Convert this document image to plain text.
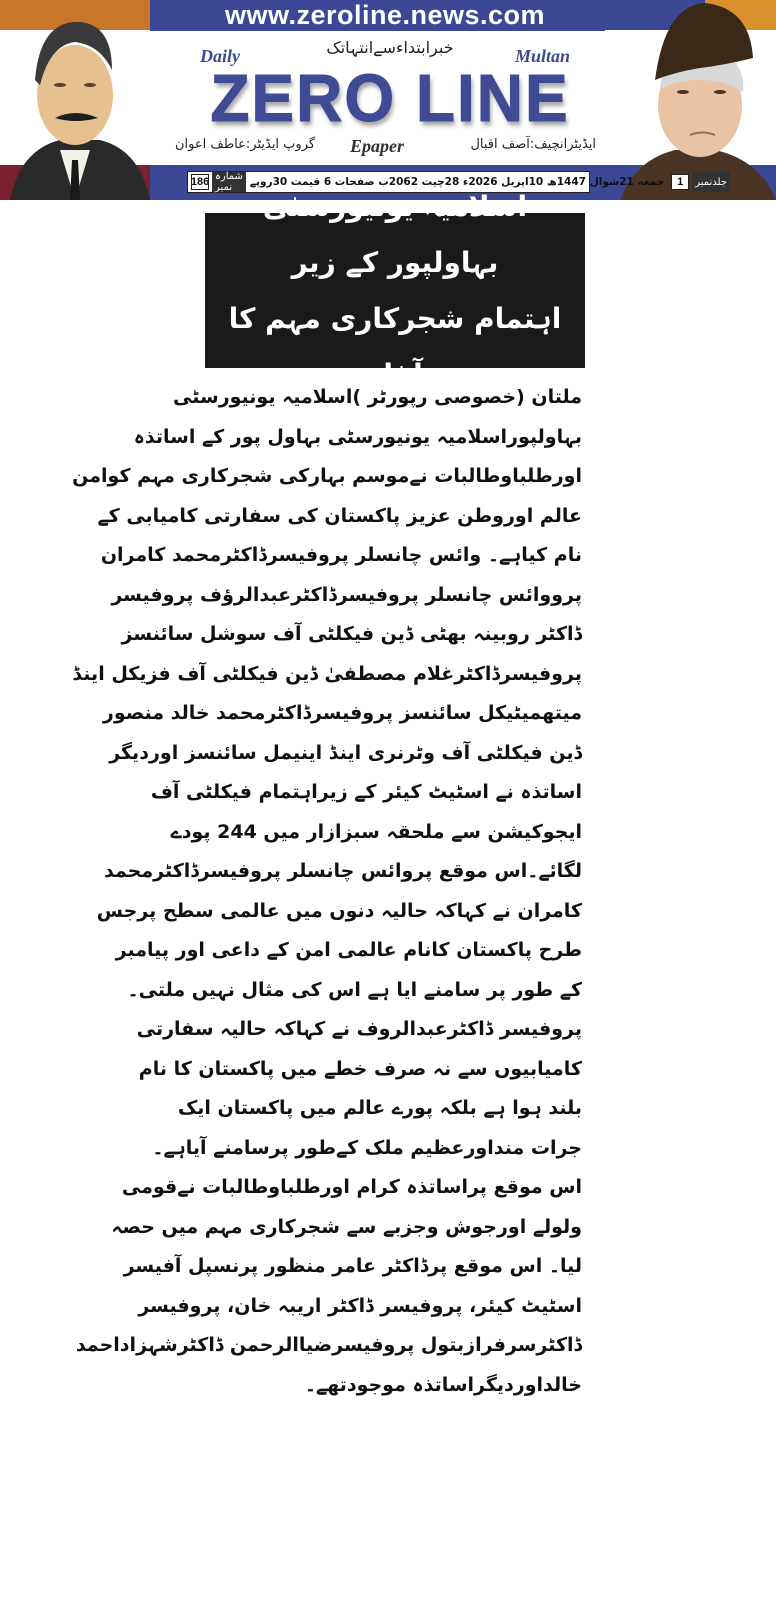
www.zeroline.news.com
خبرابتداءسےانتہاتک
Daily	Multan
ZERO LINE
ایڈیٹرانچیف:آصف اقبال
Epaper
گروپ ایڈیٹر:عاطف اعوان
186 شمارہ نمبر	جمعہ 21شوال 1447ھ 10اپریل 2026ء 28چیت 2062ب صفحات 6 قیمت 30روپے	1	جلدنمبر
اسلامیہ یونیورسٹی بہاولپور کے زیر
اہتمام شجرکاری مہم کا آغاز
ملتان (خصوصی رپورٹر )اسلامیہ یونیورسٹی
بہاولپوراسلامیہ یونیورسٹی بہاول پور کے اساتذہ
اورطلباوطالبات نےموسم بہارکی شجرکاری مہم کوامن
عالم اوروطن عزیز پاکستان کی سفارتی کامیابی کے
نام کیاہے۔ وائس چانسلر پروفیسرڈاکٹرمحمد کامران
پرووائس چانسلر پروفیسرڈاکٹرعبدالرؤف پروفیسر
ڈاکٹر روبینہ بھٹی ڈین فیکلٹی آف سوشل سائنسز
پروفیسرڈاکٹرغلام مصطفیٰ ڈین فیکلٹی آف فزیکل اینڈ
میتھمیٹیکل سائنسز پروفیسرڈاکٹرمحمد خالد منصور
ڈین فیکلٹی آف وٹرنری اینڈ اینیمل سائنسز اوردیگر
اساتذہ نے اسٹیٹ کیئر کے زیراہتمام فیکلٹی آف
ایجوکیشن سے ملحقہ سبزازار میں 244 پودے
لگائے۔اس موقع پروائس چانسلر پروفیسرڈاکٹرمحمد
کامران نے کہاکہ حالیہ دنوں میں عالمی سطح پرجس
طرح پاکستان کانام عالمی امن کے داعی اور پیامبر
کے طور پر سامنے ایا ہے اس کی مثال نہیں ملتی۔
پروفیسر ڈاکٹرعبدالروف نے کہاکہ حالیہ سفارتی
کامیابیوں سے نہ صرف خطے میں پاکستان کا نام
بلند ہوا ہے بلکہ پورے عالم میں پاکستان ایک
جرات منداورعظیم ملک کےطور پرسامنے آیاہے۔
اس موقع پراساتذہ کرام اورطلباوطالبات نےقومی
ولولے اورجوش وجزبے سے شجرکاری مہم میں حصہ
لیا۔ اس موقع پرڈاکٹر عامر منظور پرنسپل آفیسر
اسٹیٹ کیئر، پروفیسر ڈاکٹر اریبہ خان، پروفیسر
ڈاکٹرسرفرازبتول پروفیسرضیاالرحمن ڈاکٹرشہزاداحمد
خالداوردیگراساتذہ موجودتھے۔
